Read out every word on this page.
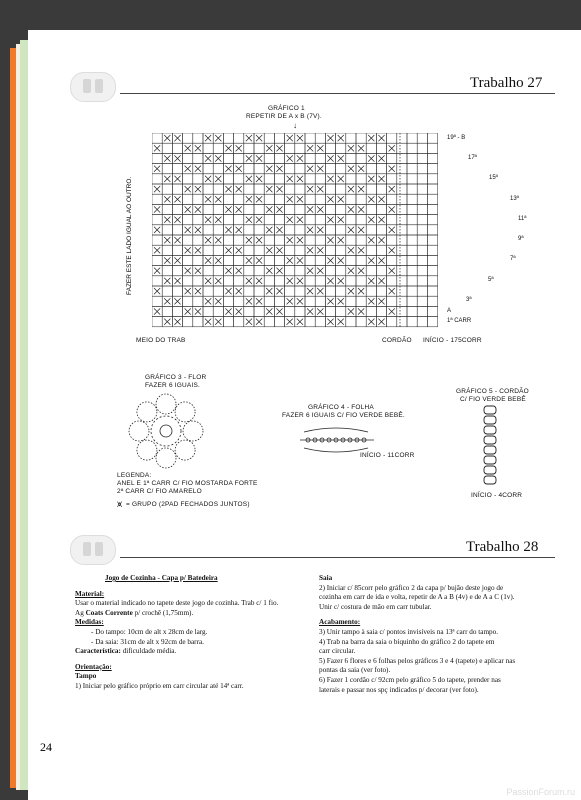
Trabalho 27
GRÁFICO 1
REPETIR DE A x B (7V).
↓
FAZER ESTE LADO IGUAL AO OUTRO.
19ª - B
17ª
15ª
13ª
11ª
9ª
7ª
5ª
3ª
A
1ª CARR
MEIO DO TRAB	CORDÃO INÍCIO - 175CORR
GRÁFICO 3 - FLOR
FAZER 6 IGUAIS.
LEGENDA:
ANEL E 1ª CARR C/ FIO MOSTARDA FORTE
2ª CARR C/ FIO AMARELO
⩙ = GRUPO (2PAD FECHADOS JUNTOS)
GRÁFICO 4 - FOLHA
FAZER 6 IGUAIS C/ FIO VERDE BEBÊ.
INÍCIO - 11CORR
GRÁFICO 5 - CORDÃO
C/ FIO VERDE BEBÊ
INÍCIO - 4CORR
Trabalho 28

Jogo de Cozinha - Capa p/ Batedeira

Material:

Usar o material indicado no tapete deste jogo de cozinha. Trab c/ 1 fio.

Ag Coats Corrente p/ crochê (1,75mm).

Medidas:

- Do tampo: 10cm de alt x 28cm de larg.

- Da saia: 31cm de alt x 92cm de barra.

Característica: dificuldade média.

Orientação:

Tampo

1) Iniciar pelo gráfico próprio em carr circular até 14ª carr.

Saia

2) Iniciar c/ 85corr pelo gráfico 2 da capa p/ bujão deste jogo de

cozinha em carr de ida e volta, repetir de A a B (4v) e de A a C (1v).

Unir c/ costura de mão em carr tubular.

Acabamento:

3) Unir tampo à saia c/ pontos invisíveis na 13ª carr do tampo.

4) Trab na barra da saia o biquinho do gráfico 2 do tapete em

carr circular.

5) Fazer 6 flores e 6 folhas pelos gráficos 3 e 4 (tapete) e aplicar nas

pontas da saia (ver foto).

6) Fazer 1 cordão c/ 92cm pelo gráfico 5 do tapete, prender nas

laterais e passar nos spç indicados p/ decorar (ver foto).

24
PassionForum.ru
